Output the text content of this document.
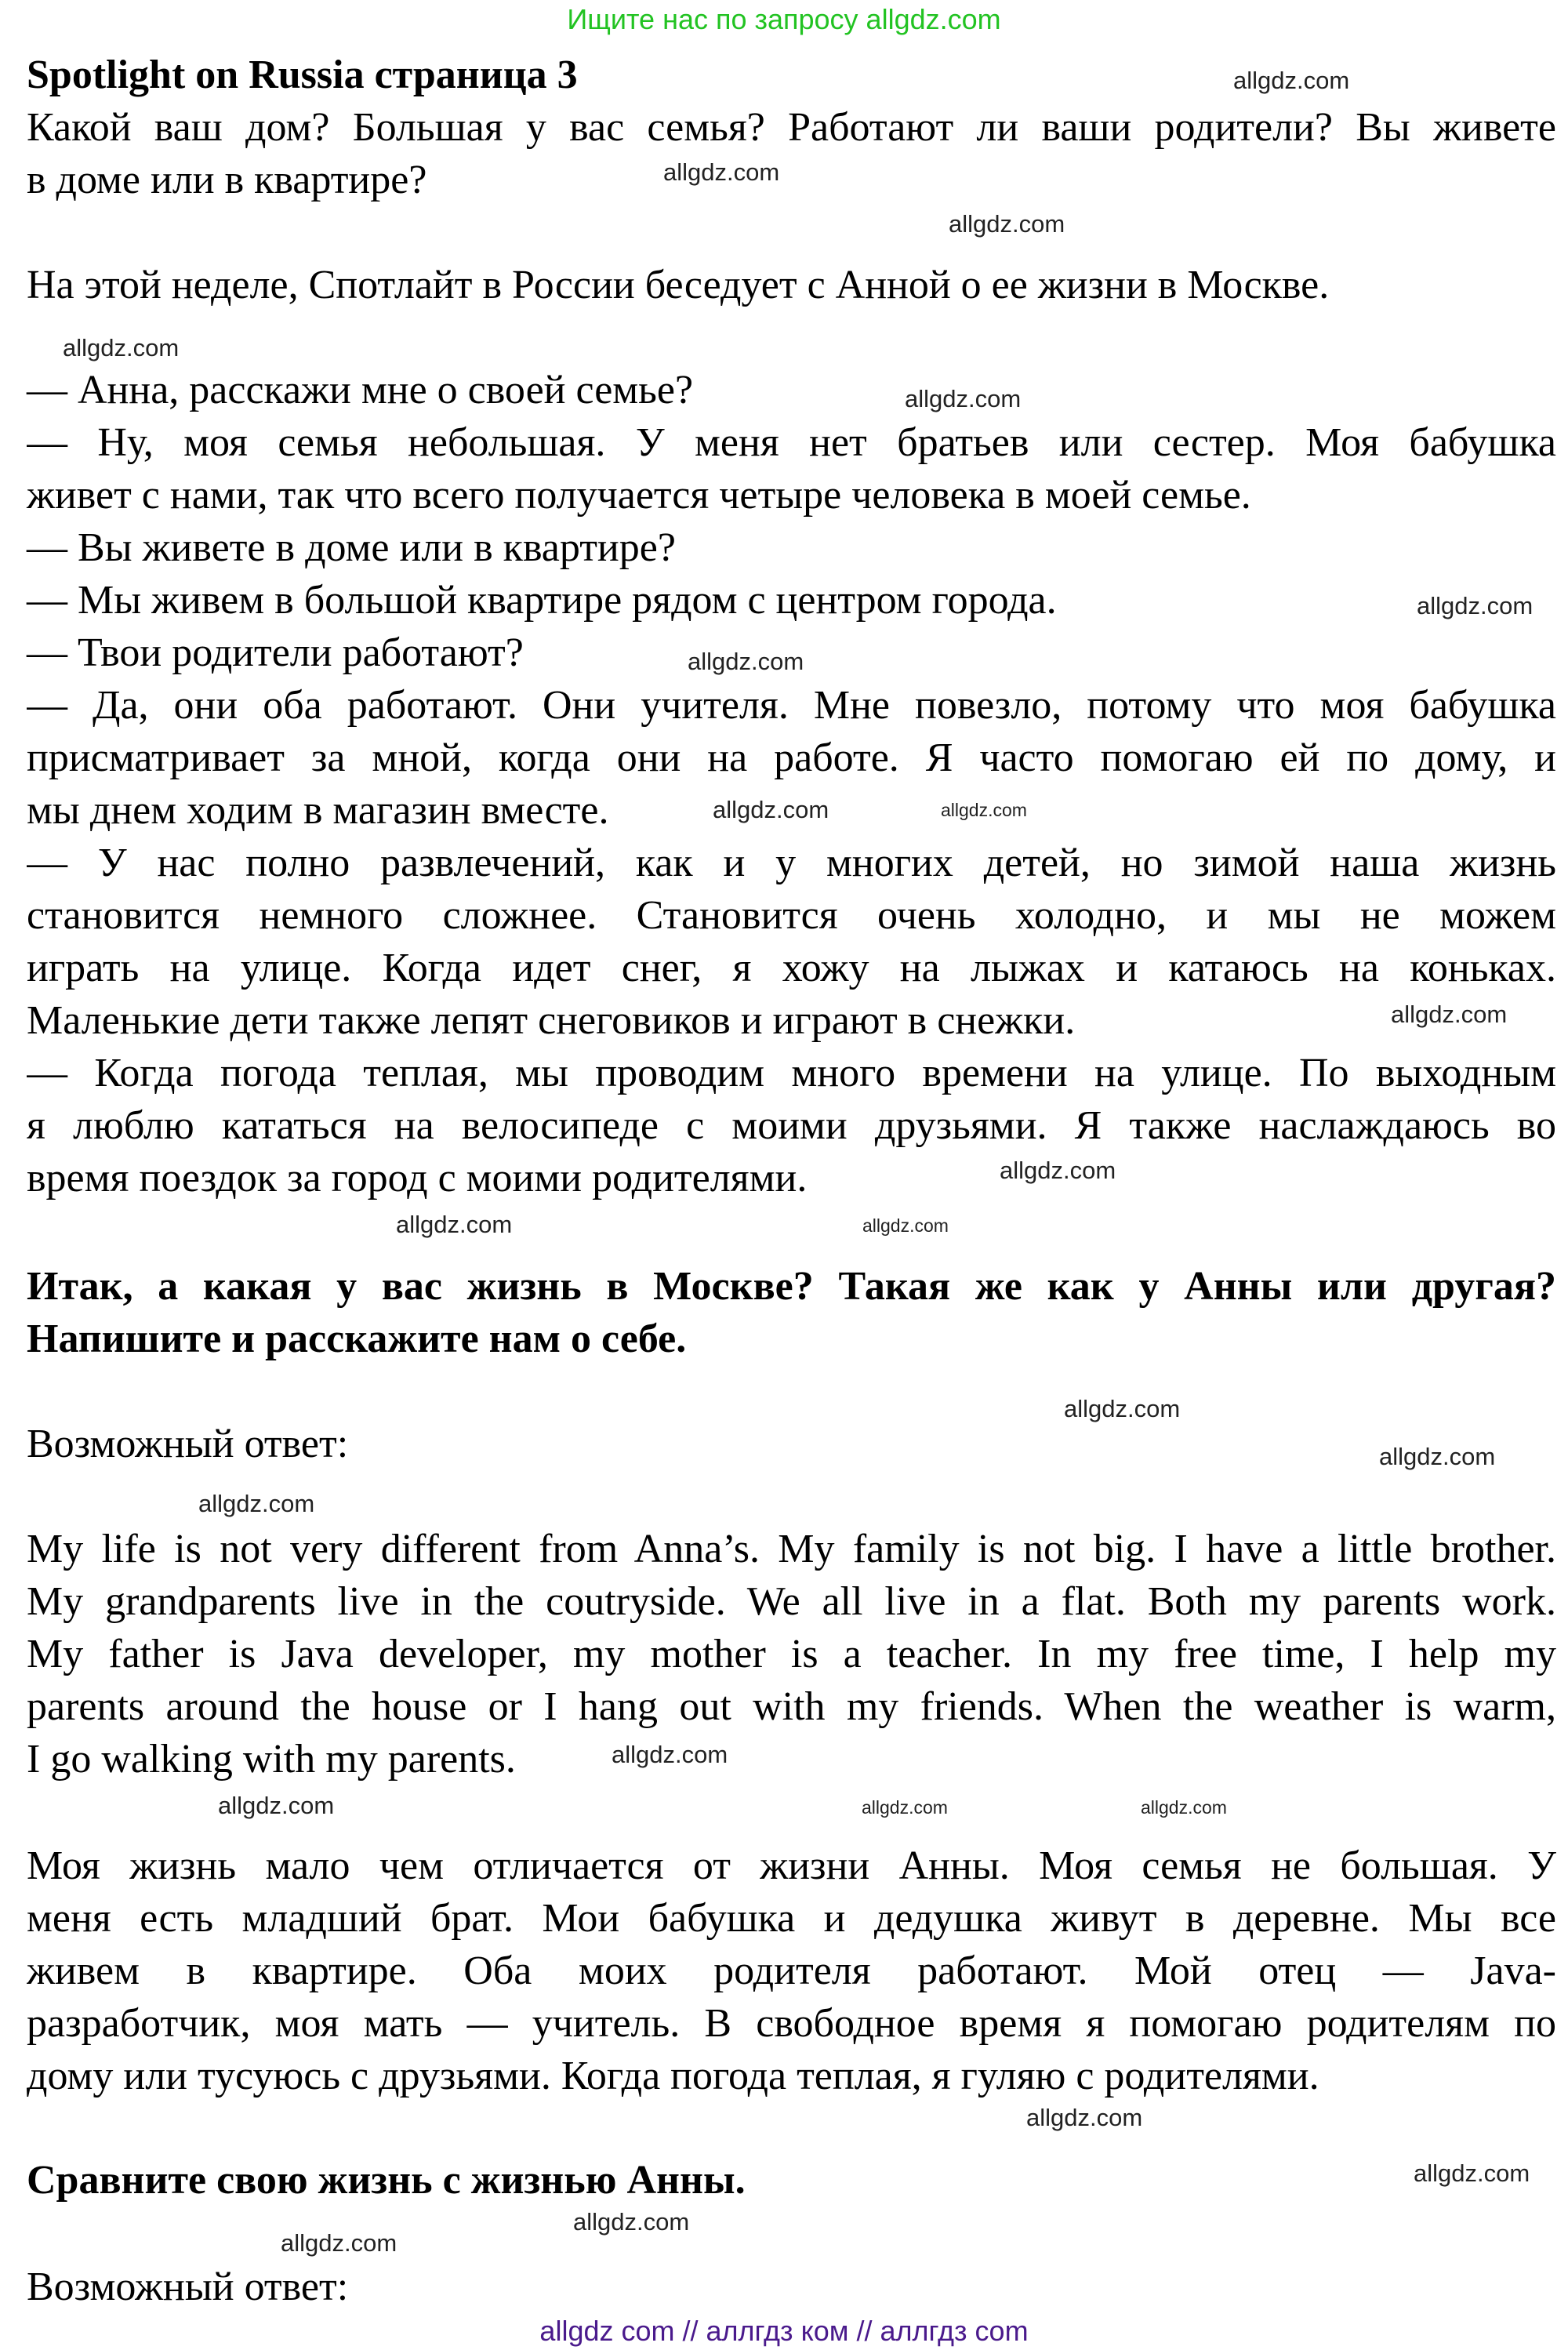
Ищите нас по запросу allgdz.com
Spotlight on Russia страница 3
Какой ваш дом? Большая у вас семья? Работают ли ваши родители? Вы живете
в доме или в квартире?
На этой неделе, Спотлайт в России беседует с Анной о ее жизни в Москве.
— Анна, расскажи мне о своей семье?
— Ну, моя семья небольшая. У меня нет братьев или сестер. Моя бабушка
живет с нами, так что всего получается четыре человека в моей семье.
— Вы живете в доме или в квартире?
— Мы живем в большой квартире рядом с центром города.
— Твои родители работают?
— Да, они оба работают. Они учителя. Мне повезло, потому что моя бабушка
присматривает за мной, когда они на работе. Я часто помогаю ей по дому, и
мы днем ходим в магазин вместе.
— У нас полно развлечений, как и у многих детей, но зимой наша жизнь
становится немного сложнее. Становится очень холодно, и мы не можем
играть на улице. Когда идет снег, я хожу на лыжах и катаюсь на коньках.
Маленькие дети также лепят снеговиков и играют в снежки.
— Когда погода теплая, мы проводим много времени на улице. По выходным
я люблю кататься на велосипеде с моими друзьями. Я также наслаждаюсь во
время поездок за город с моими родителями.
Итак, а какая у вас жизнь в Москве? Такая же как у Анны или другая?
Напишите и расскажите нам о себе.
Возможный ответ:
My life is not very different from Anna’s. My family is not big. I have a little brother.
My grandparents live in the coutryside. We all live in a flat. Both my parents work.
My father is Java developer, my mother is a teacher. In my free time, I help my
parents around the house or I hang out with my friends. When the weather is warm,
I go walking with my parents.
Моя жизнь мало чем отличается от жизни Анны. Моя семья не большая. У
меня есть младший брат. Мои бабушка и дедушка живут в деревне. Мы все
живем в квартире. Оба моих родителя работают. Мой отец — Java-
разработчик, моя мать — учитель. В свободное время я помогаю родителям по
дому или тусуюсь с друзьями. Когда погода теплая, я гуляю с родителями.
Сравните свою жизнь с жизнью Анны.
Возможный ответ:
allgdz.com
allgdz.com
allgdz.com
allgdz.com
allgdz.com
allgdz.com
allgdz.com
allgdz.com
allgdz.com
allgdz.com
allgdz.com
allgdz.com
allgdz.com
allgdz.com
allgdz.com
allgdz.com
allgdz.com
allgdz.com	allgdz.com
allgdz.com
allgdz.com
allgdz.com
allgdz.com
allgdz.com
allgdz com // аллгдз ком // аллгдз com
